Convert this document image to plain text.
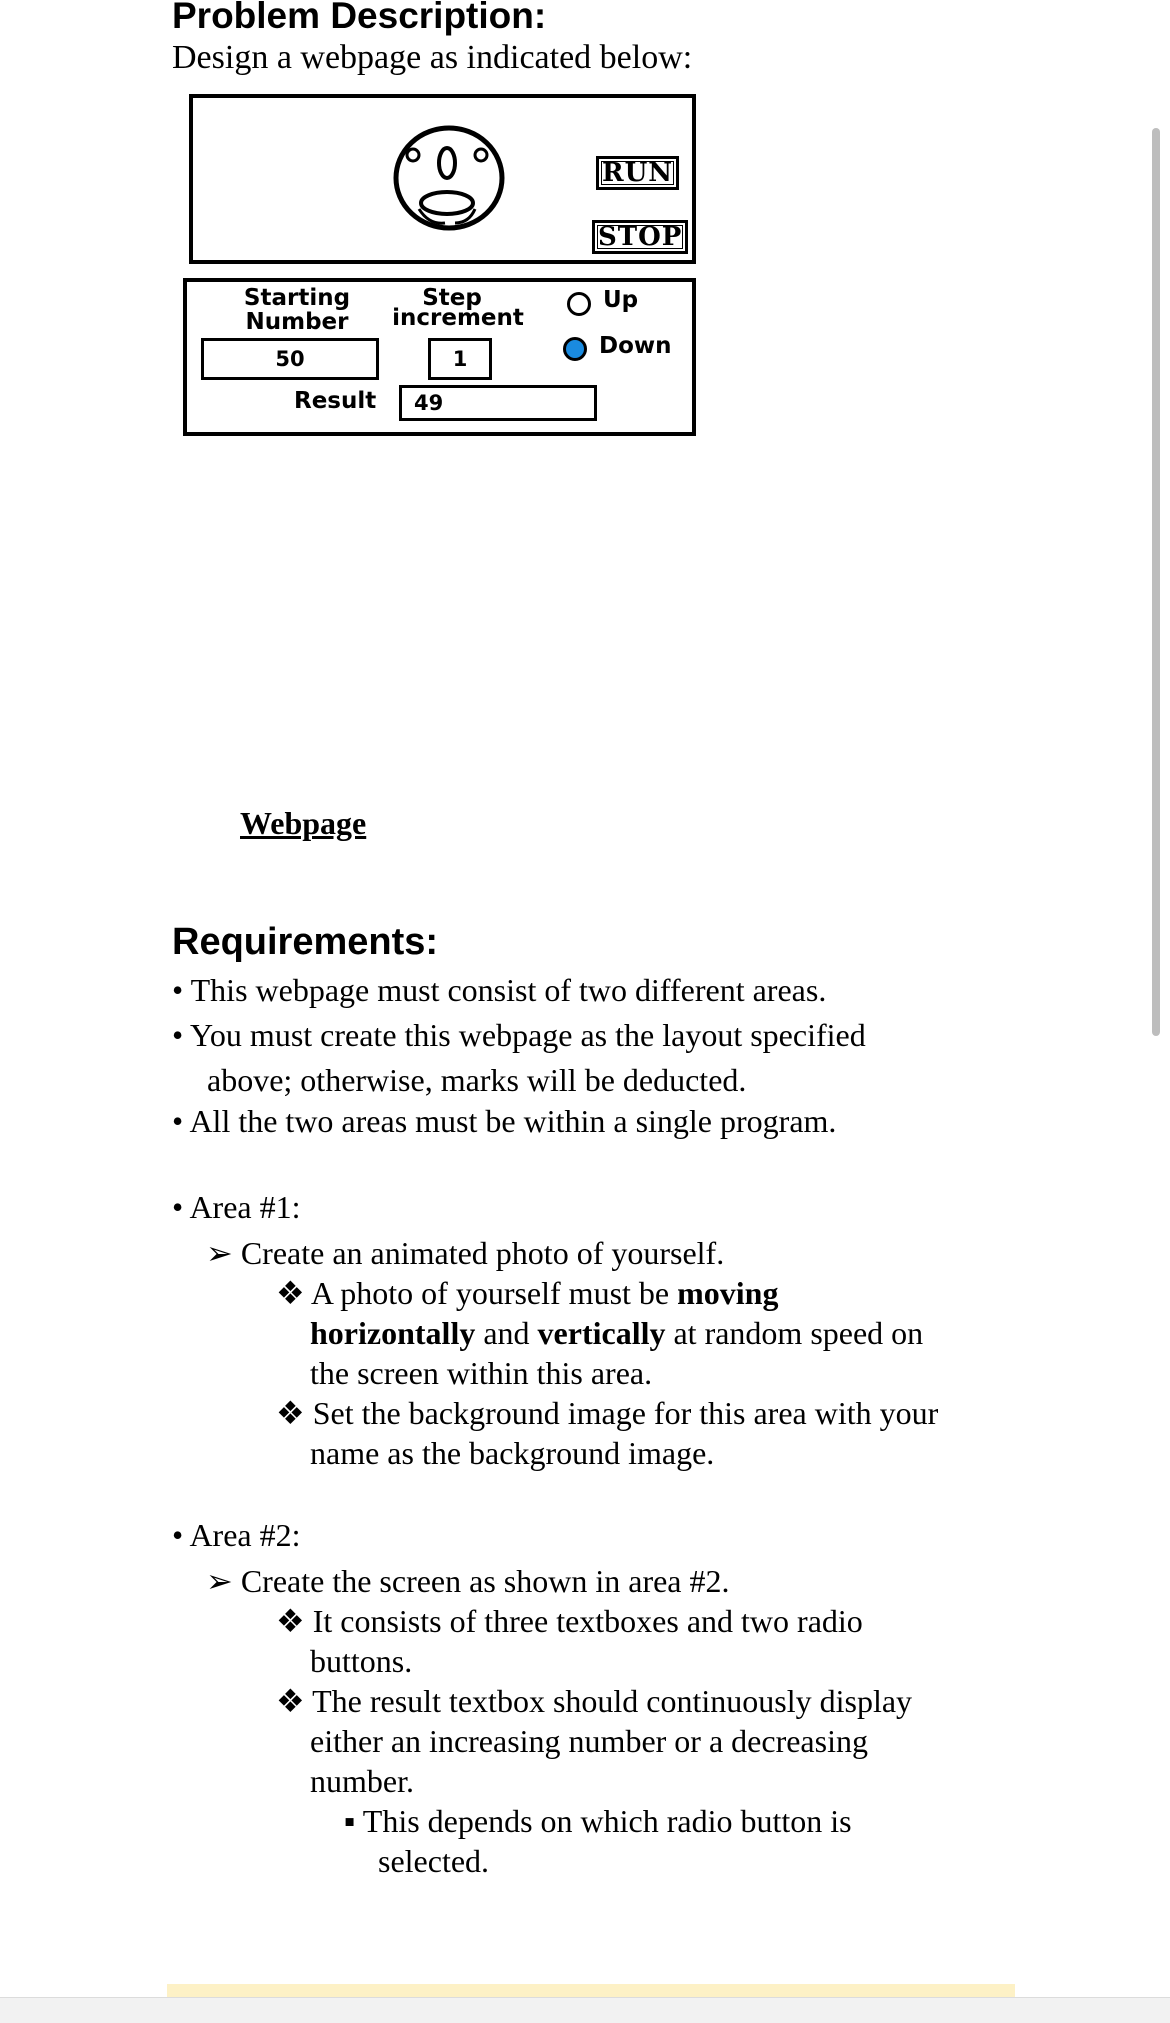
Problem Description:
Design a webpage as indicated below:
RUN
STOP
Starting
Number
50
Step
increment
1
Up
Down
Result	49
Webpage
Requirements:
• This webpage must consist of two different areas.
• You must create this webpage as the layout specified
above; otherwise, marks will be deducted.
• All the two areas must be within a single program.
• Area #1:
➢ Create an animated photo of yourself.
❖ A photo of yourself must be moving
horizontally and vertically at random speed on
the screen within this area.
❖ Set the background image for this area with your
name as the background image.
• Area #2:
➢ Create the screen as shown in area #2.
❖ It consists of three textboxes and two radio
buttons.
❖ The result textbox should continuously display
either an increasing number or a decreasing
number.
▪ This depends on which radio button is
selected.
